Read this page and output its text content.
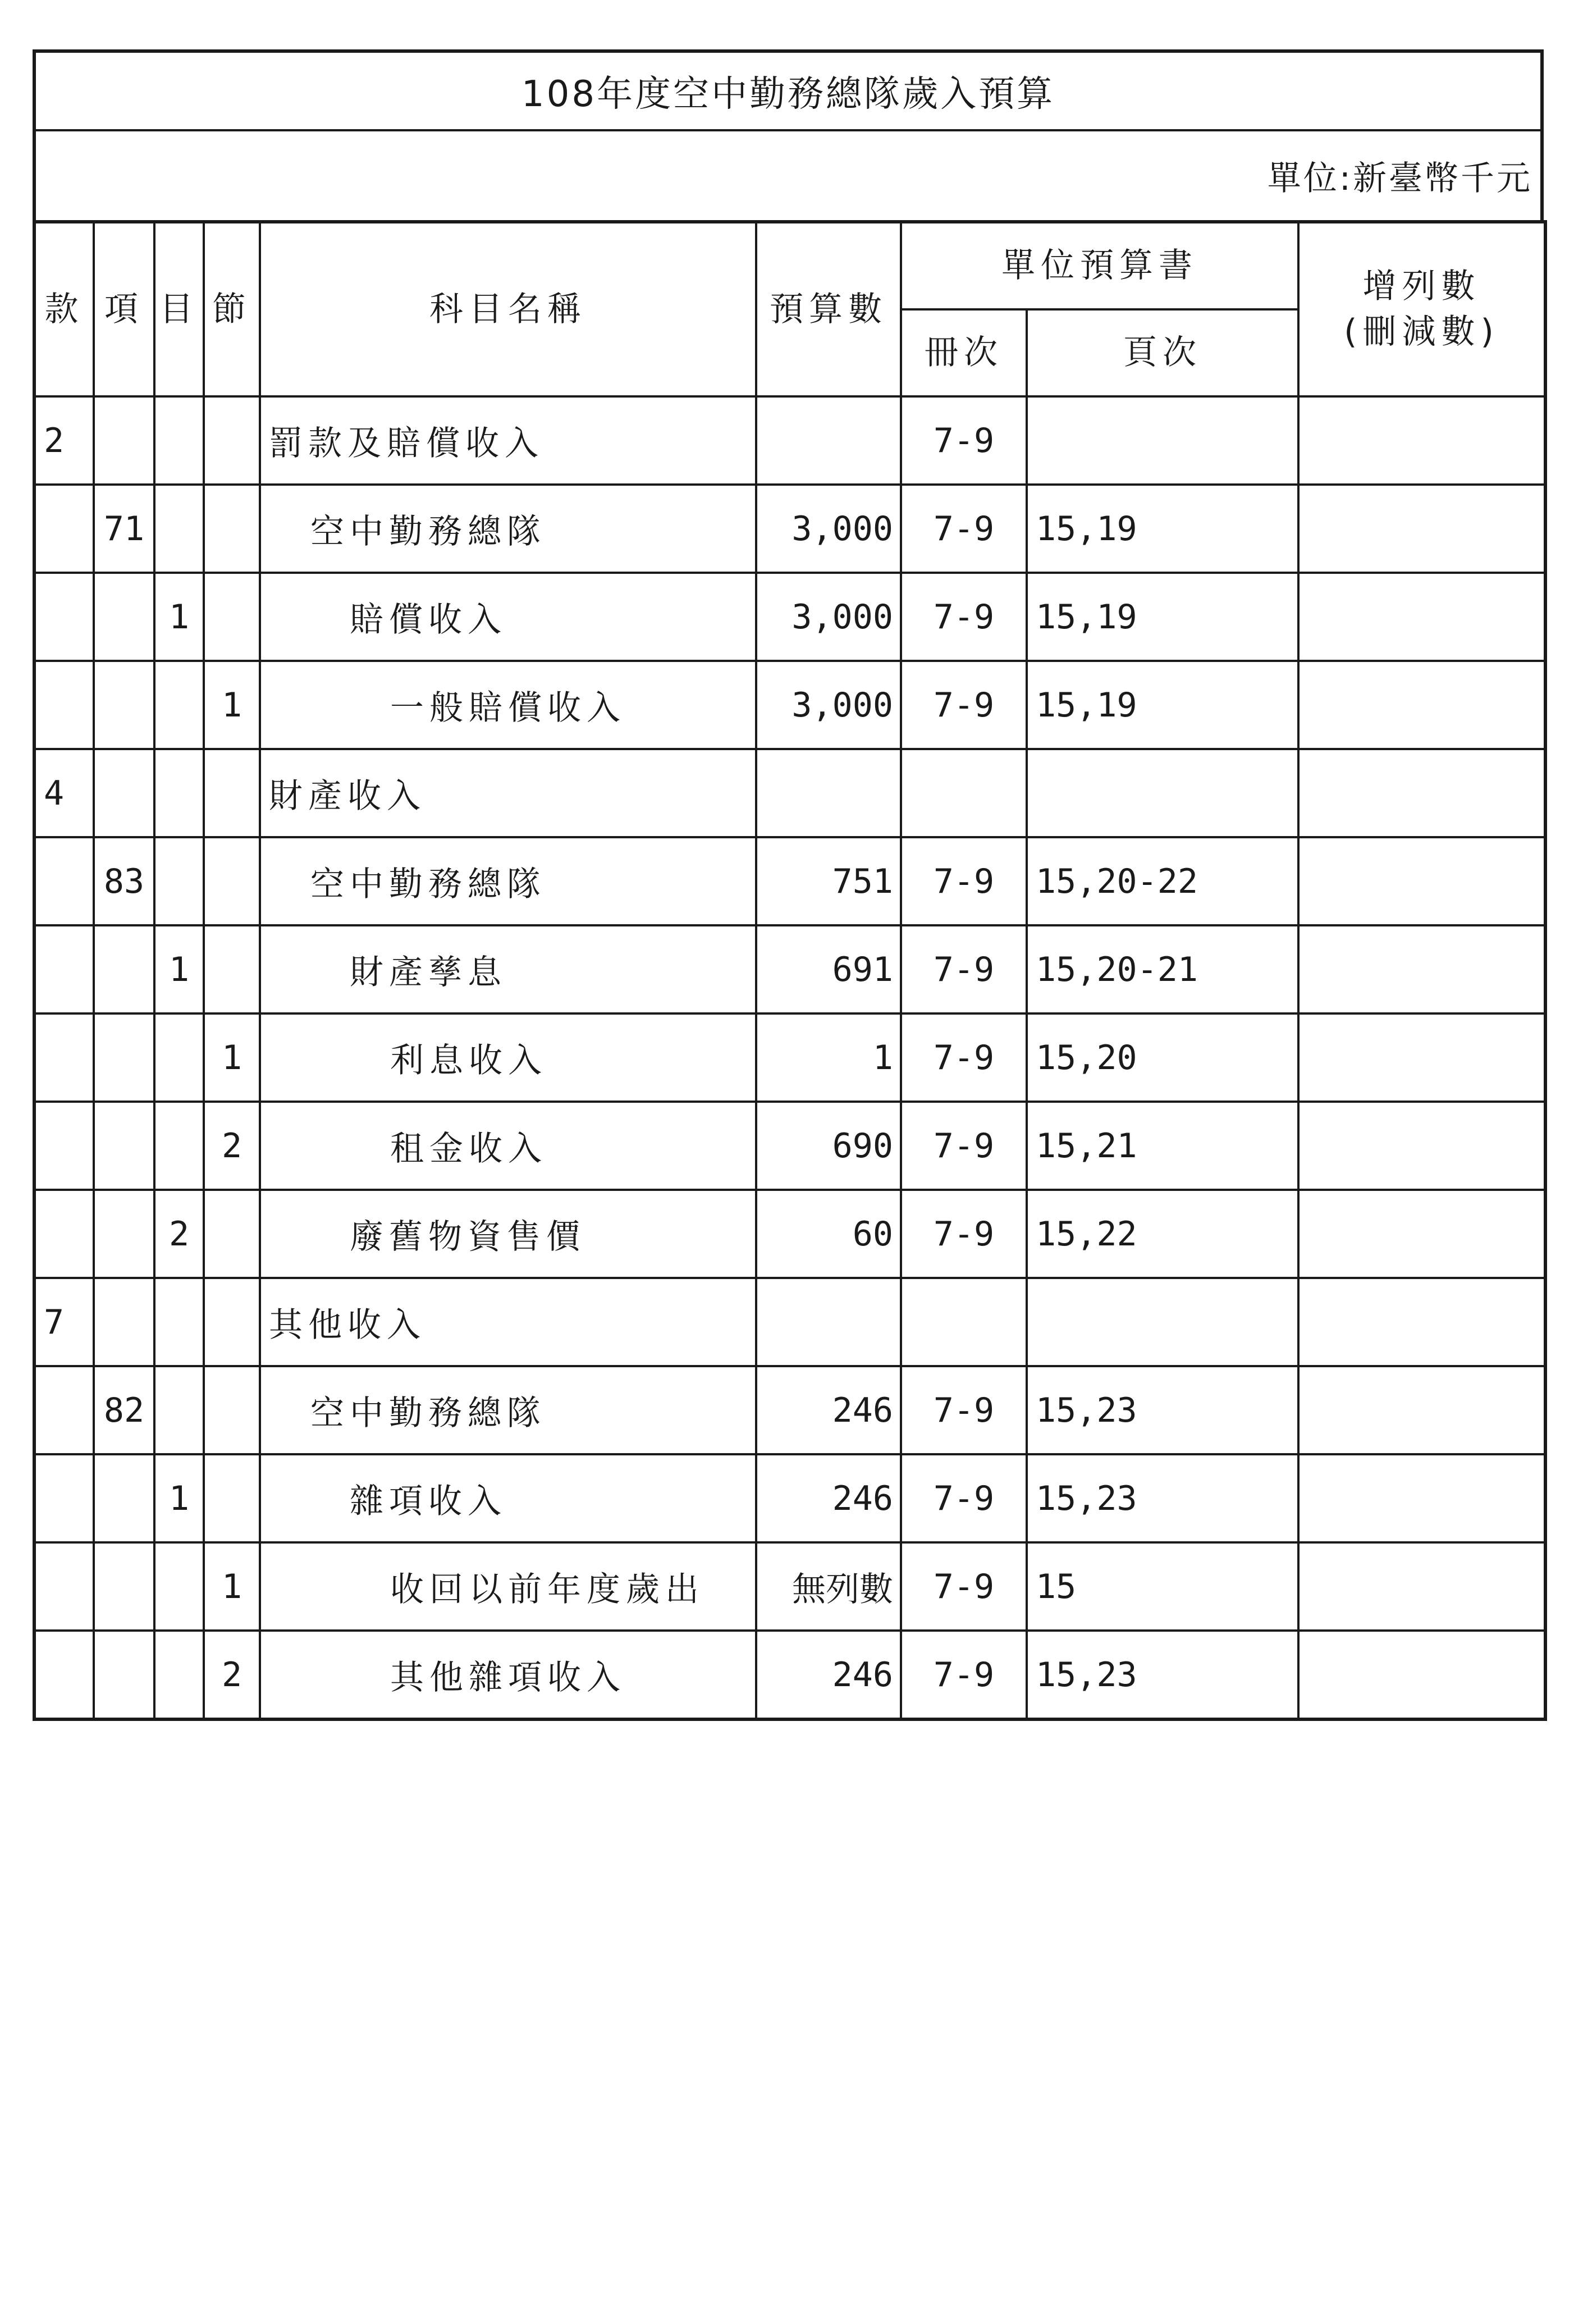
108年度空中勤務總隊歲入預算
單位:新臺幣千元
款	項	目	節	科目名稱	預算數	單位預算書		增列數
(刪減數)

						冊次	頁次	
2				罰款及賠償收入		7-9		
	71			空中勤務總隊	3,000	7-9	15,19	
		1		賠償收入	3,000	7-9	15,19	
			1	一般賠償收入	3,000	7-9	15,19	
4				財產收入				
	83			空中勤務總隊	751	7-9	15,20-22	
		1		財產孳息	691	7-9	15,20-21	
			1	利息收入	1	7-9	15,20	
			2	租金收入	690	7-9	15,21	
		2		廢舊物資售價	60	7-9	15,22	
7				其他收入				
	82			空中勤務總隊	246	7-9	15,23	
		1		雜項收入	246	7-9	15,23	
			1	收回以前年度歲出	無列數	7-9	15	
			2	其他雜項收入	246	7-9	15,23	
